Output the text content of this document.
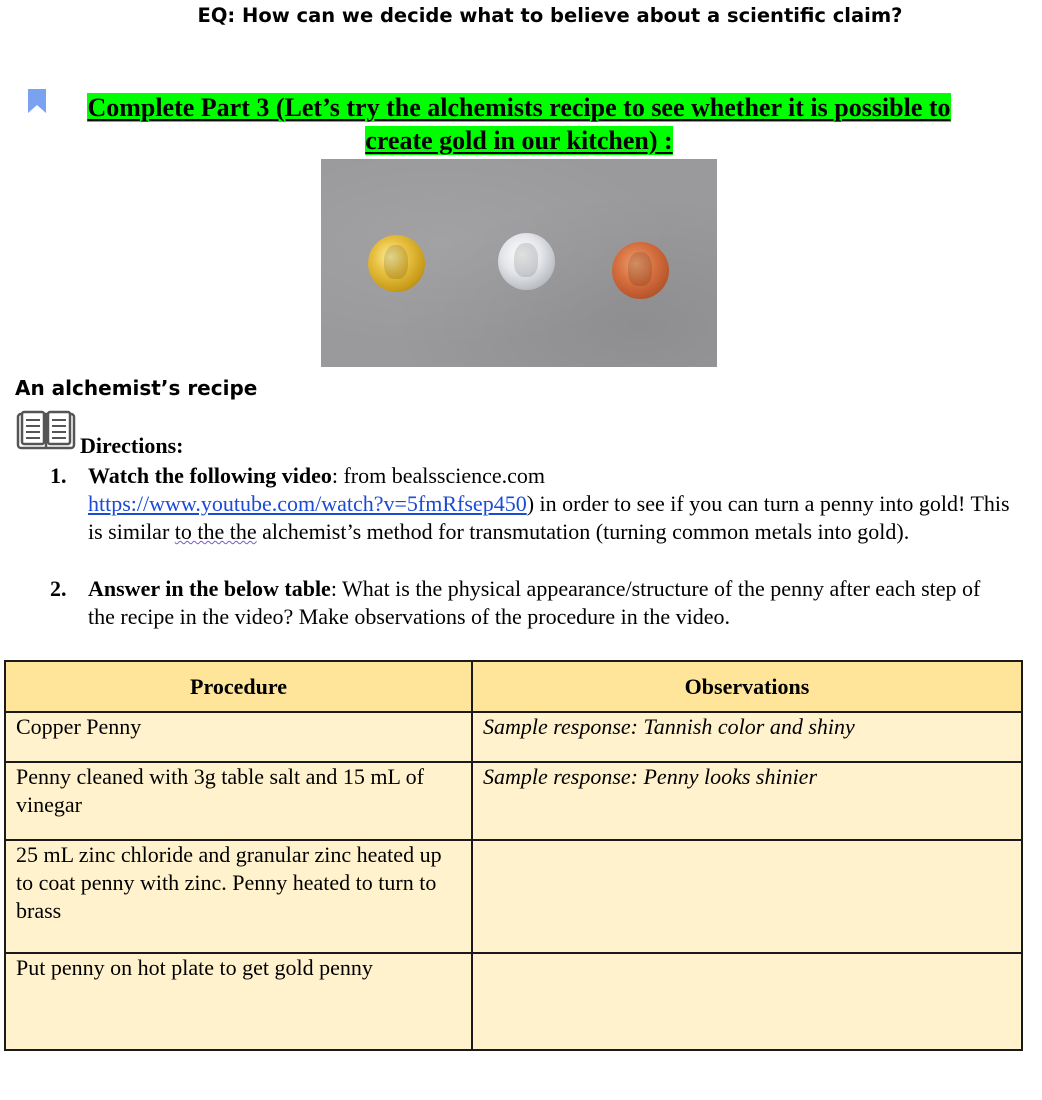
EQ: How can we decide what to believe about a scientific claim?
Complete Part 3 (Let’s try the alchemists recipe to see whether it is possible to
create gold in our kitchen) :
An alchemist’s recipe
Directions:
1. Watch the following video: from bealsscience.com
https://www.youtube.com/watch?v=5fmRfsep450) in order to see if you can turn a penny into gold! This is similar to the the alchemist’s method for transmutation (turning common metals into gold).
2. Answer in the below table: What is the physical appearance/structure of the penny after each step of the recipe in the video? Make observations of the procedure in the video.
Procedure	Observations
Copper Penny	Sample response: Tannish color and shiny
Penny cleaned with 3g table salt and 15 mL of vinegar	Sample response: Penny looks shinier
25 mL zinc chloride and granular zinc heated up to coat penny with zinc. Penny heated to turn to brass	
Put penny on hot plate to get gold penny	
